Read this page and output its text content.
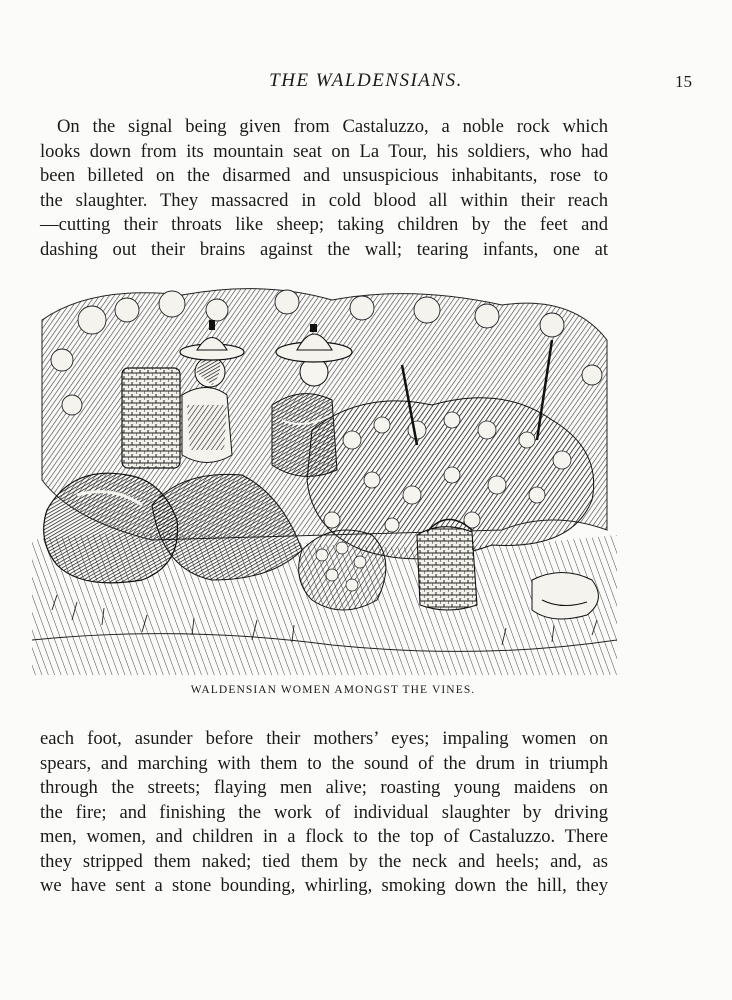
THE WALDENSIANS.	15
On the signal being given from Castaluzzo, a noble rock which
looks down from its mountain seat on La Tour, his soldiers, who had
been billeted on the disarmed and unsuspicious inhabitants, rose to
the slaughter. They massacred in cold blood all within their reach
—cutting their throats like sheep; taking children by the feet and
dashing out their brains against the wall; tearing infants, one at
WALDENSIAN WOMEN AMONGST THE VINES.
each foot, asunder before their mothers’ eyes; impaling women on
spears, and marching with them to the sound of the drum in triumph
through the streets; flaying men alive; roasting young maidens on
the fire; and finishing the work of individual slaughter by driving
men, women, and children in a flock to the top of Castaluzzo. There
they stripped them naked; tied them by the neck and heels; and, as
we have sent a stone bounding, whirling, smoking down the hill, they
